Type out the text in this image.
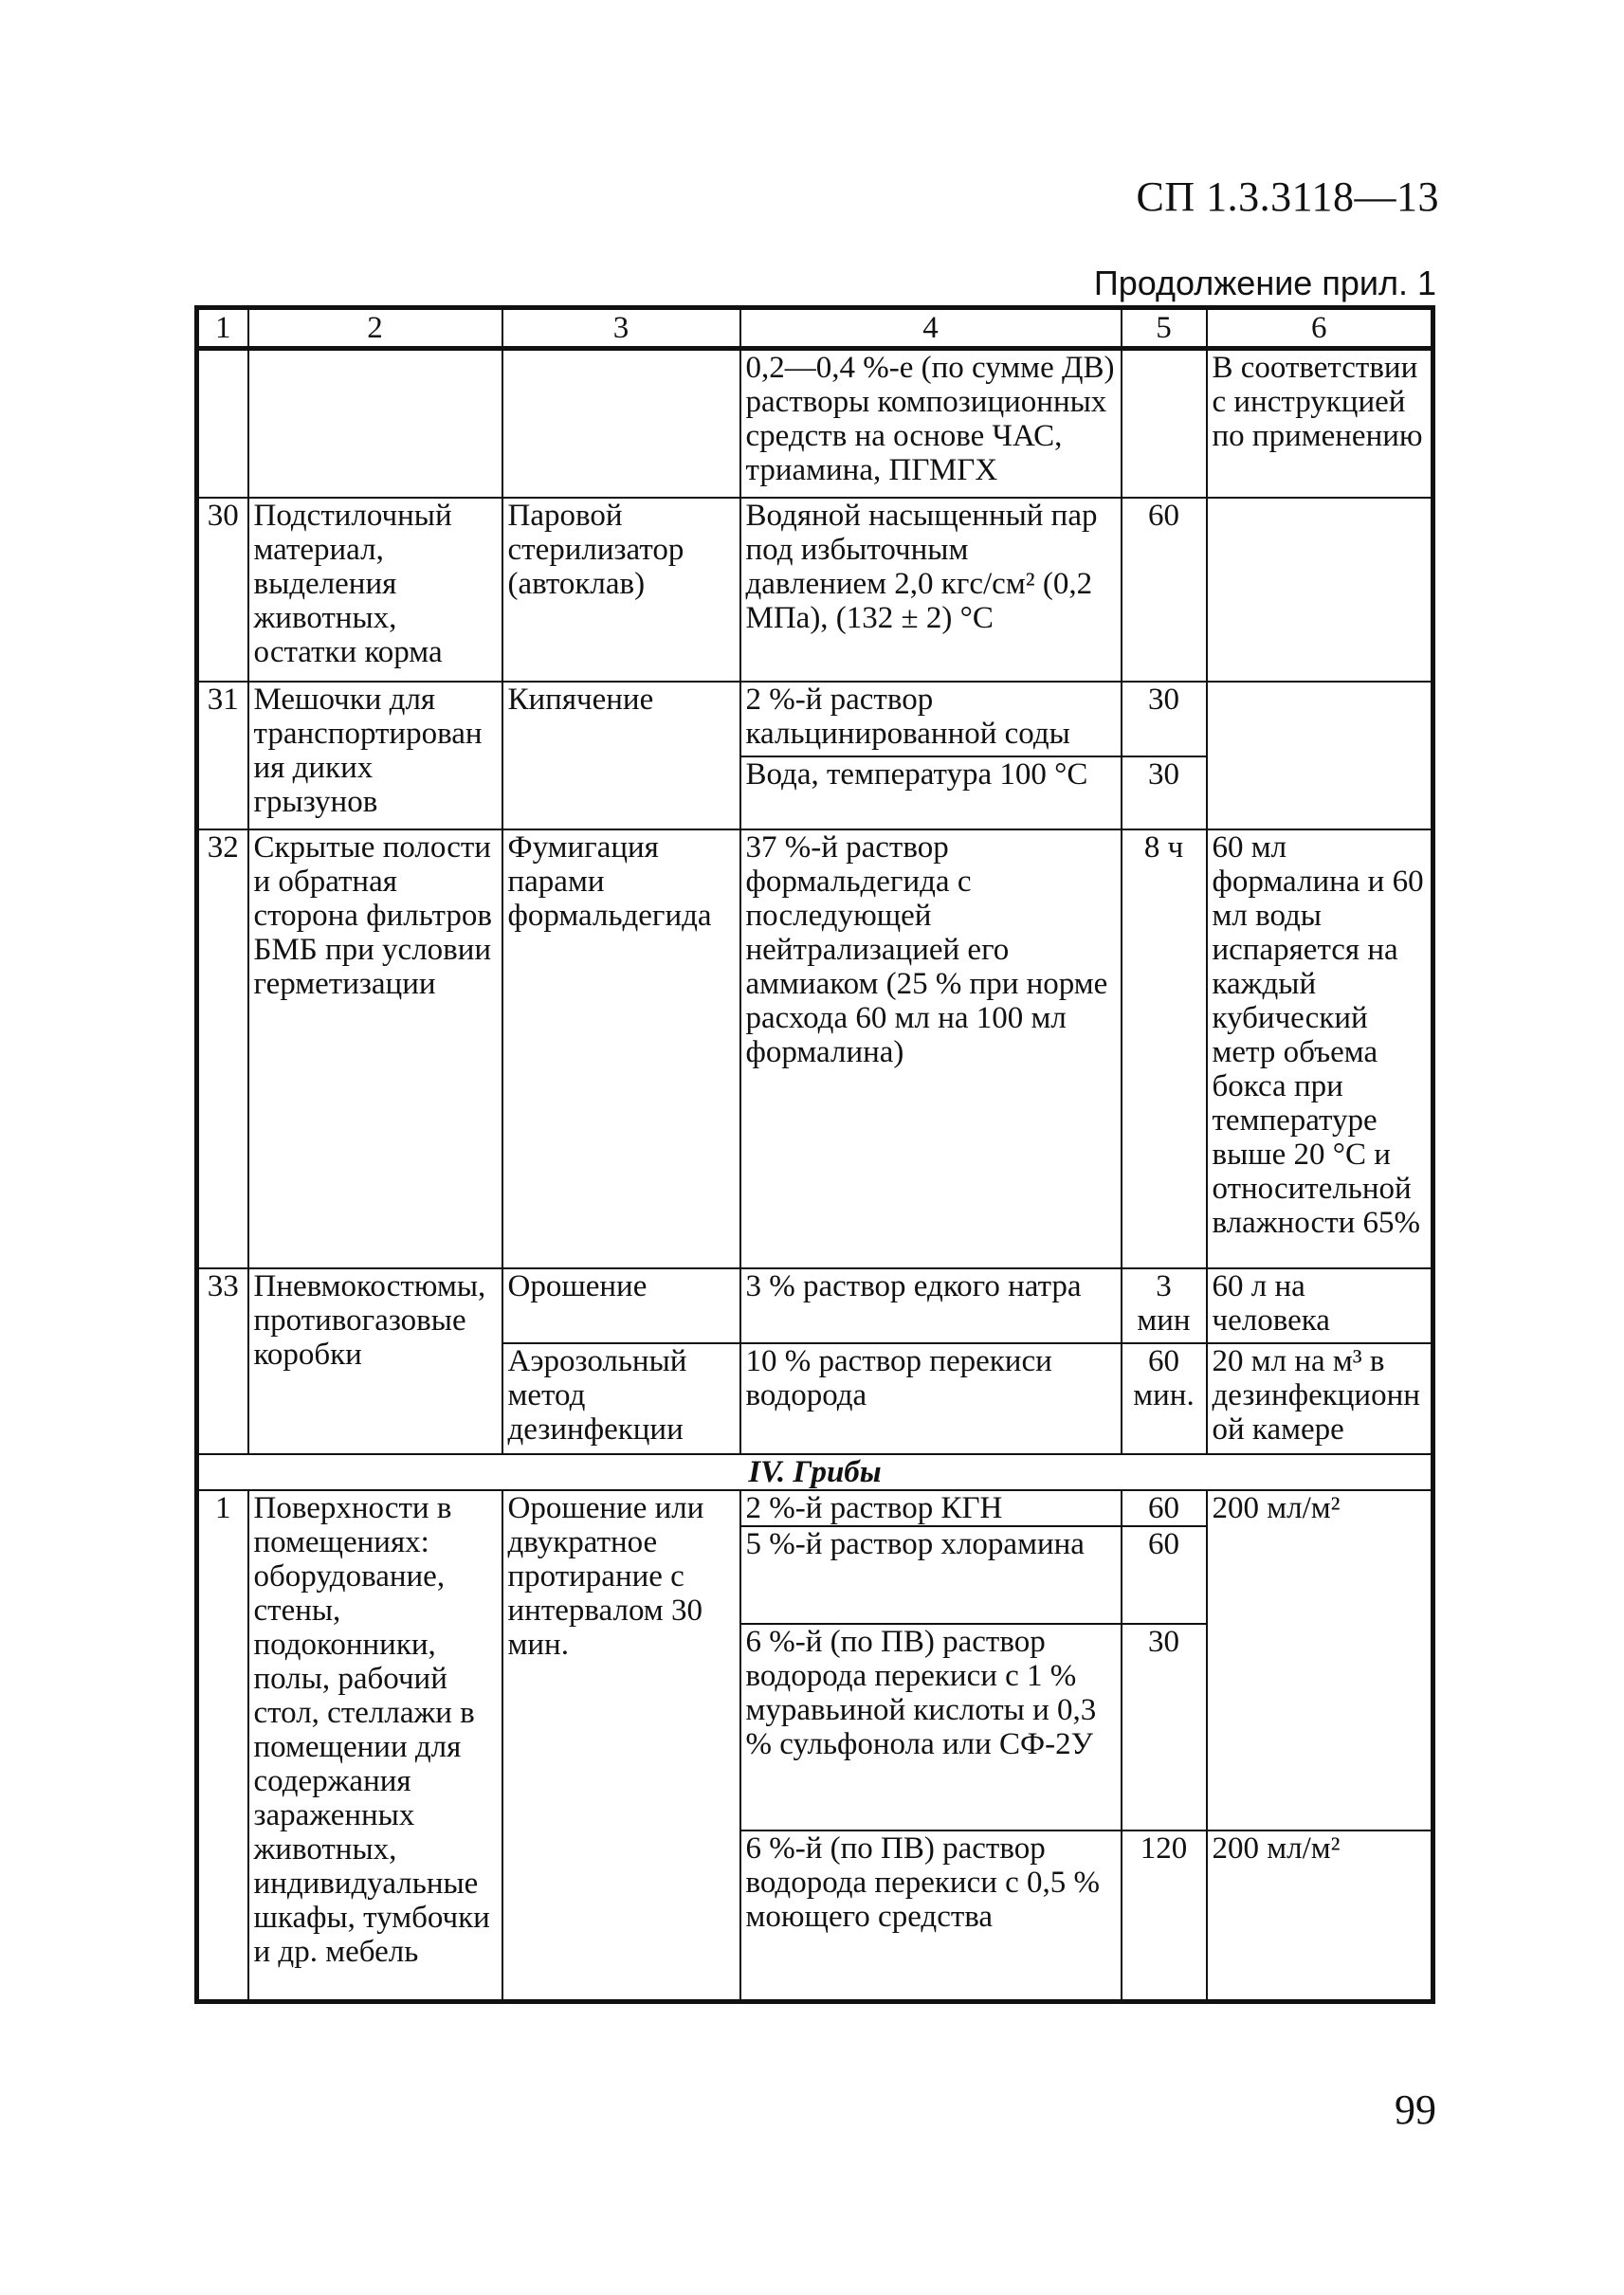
СП 1.3.3118—13
Продолжение прил. 1
1	2	3	4	5	6
			0,2—0,4 %-е (по сумме ДВ) растворы композиционных средств на основе ЧАС, триамина, ПГМГХ		В соответствии с инструкцией по применению

30	Подстилочный материал, выделения животных, остатки корма	Паровой стерилизатор (автоклав)	Водяной насыщенный пар под избыточным давлением 2,0 кгс/см² (0,2 МПа), (132 ± 2) °С	60	

31	Мешочки для транспортирования диких грызунов	Кипячение	2 %-й раствор кальцинированной соды	30	

			Вода, температура 100 °С	30	

32	Скрытые полости и обратная сторона фильтров БМБ при условии герметизации	Фумигация парами формальдегида	37 %-й раствор формальдегида с последующей нейтрализацией его аммиаком (25 % при норме расхода 60 мл на 100 мл формалина)	8 ч	60 мл формалина и 60 мл воды испаряется на каждый кубический метр объема бокса при температуре выше 20 °С и относительной влажности 65%

33	Пневмокостюмы, противогазовые коробки	Орошение	3 % раствор едкого натра	3 мин	60 л на человека

		Аэрозольный метод дезинфекции	10 % раствор перекиси водорода	60 мин.	20 мл на м³ в дезинфекционной камере

IV. Грибы					
1	Поверхности в помещениях: оборудование, стены, подоконники, полы, рабочий стол, стеллажи в помещении для содержания зараженных животных, индивидуальные шкафы, тумбочки и др. мебель	Орошение или двукратное протирание с интервалом 30 мин.	2 %-й раствор КГН	60	200 мл/м²
			5 %-й раствор хлорамина	60	

			6 %-й (по ПВ) раствор водорода перекиси с 1 % муравьиной кислоты и 0,3 % сульфонола или СФ-2У	30	

			6 %-й (по ПВ) раствор водорода перекиси с 0,5 % моющего средства	120	200 мл/м²

99
